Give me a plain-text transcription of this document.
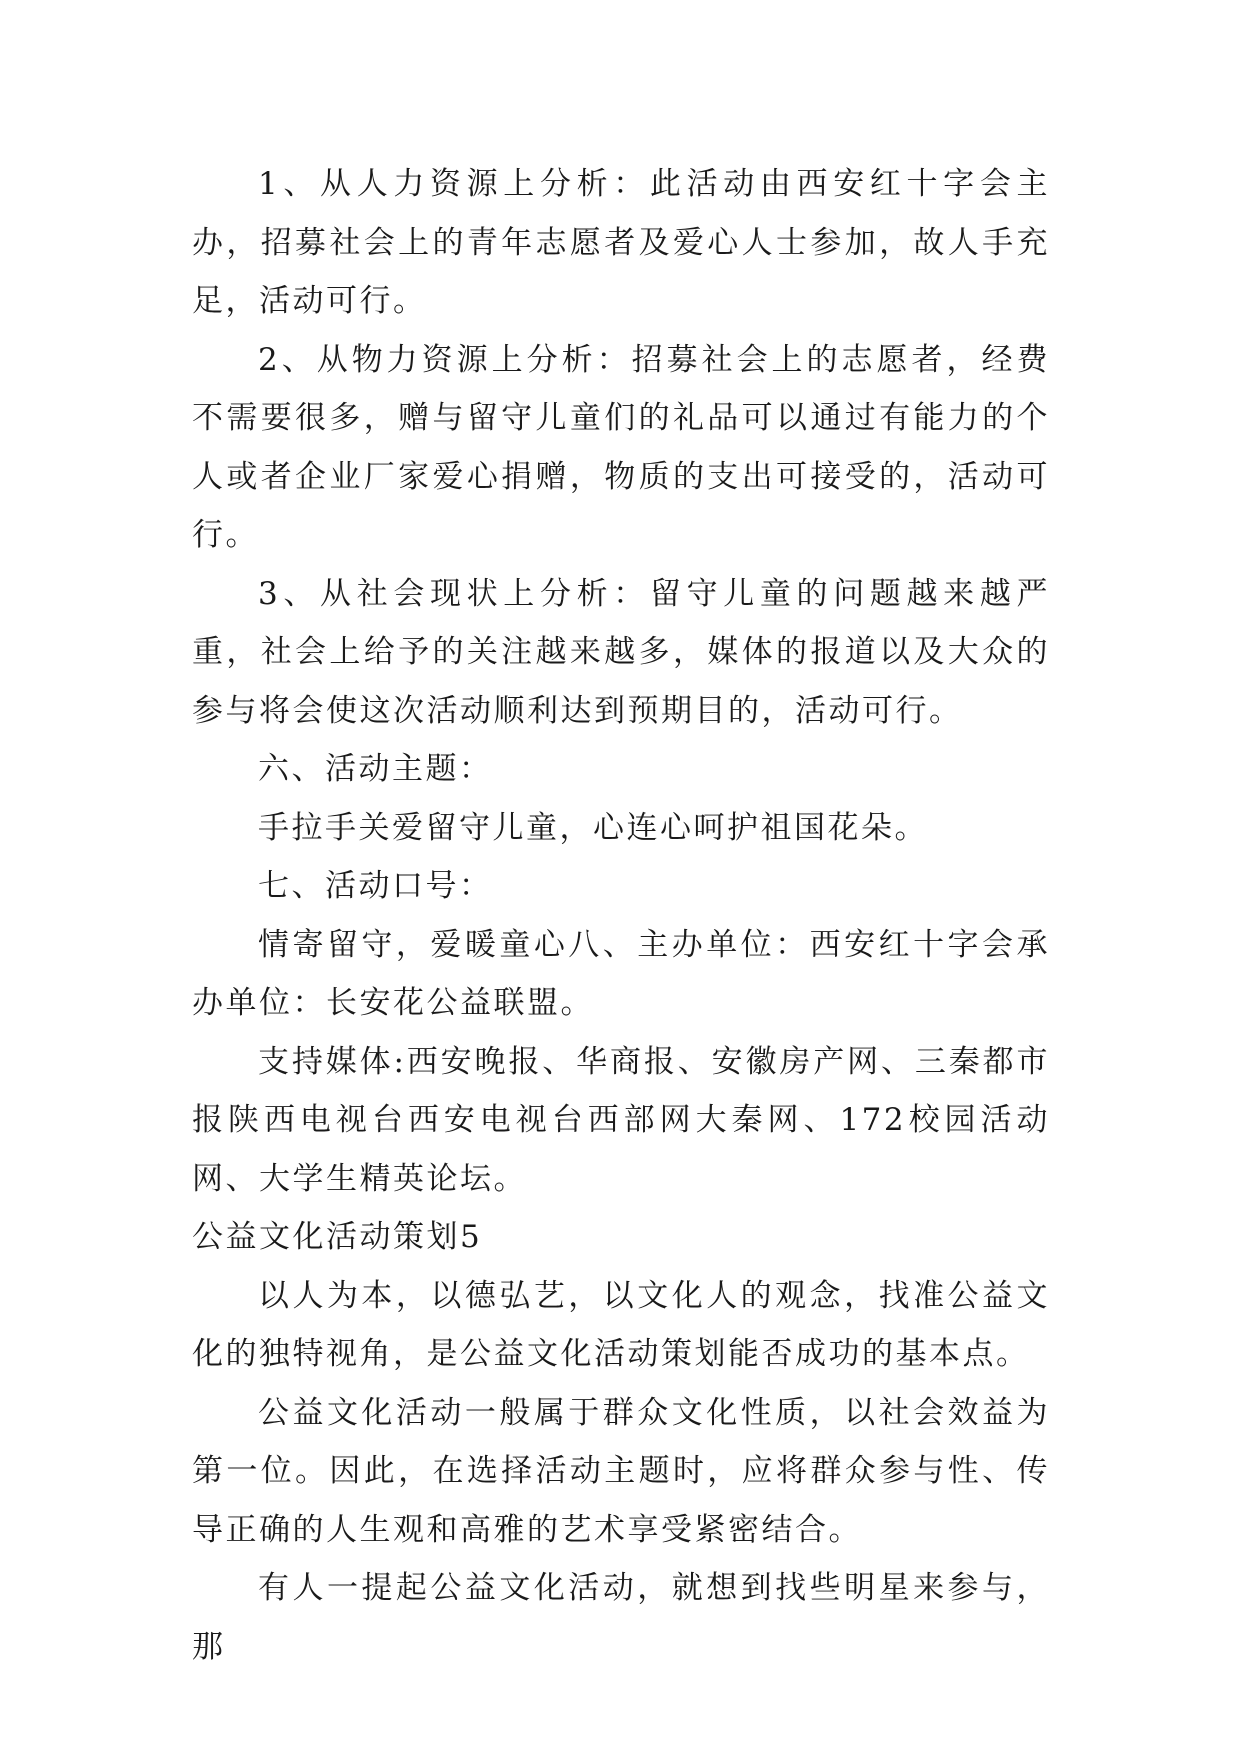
1、从人力资源上分析：此活动由西安红十字会主办，招募社会上的青年志愿者及爱心人士参加，故人手充足，活动可行。

2、从物力资源上分析：招募社会上的志愿者，经费不需要很多，赠与留守儿童们的礼品可以通过有能力的个人或者企业厂家爱心捐赠，物质的支出可接受的，活动可行。

3、从社会现状上分析：留守儿童的问题越来越严重，社会上给予的关注越来越多，媒体的报道以及大众的参与将会使这次活动顺利达到预期目的，活动可行。

六、活动主题：

手拉手关爱留守儿童，心连心呵护祖国花朵。

七、活动口号：

情寄留守，爱暖童心八、主办单位：西安红十字会承办单位：长安花公益联盟。

支持媒体:西安晚报、华商报、安徽房产网、三秦都市报陕西电视台西安电视台西部网大秦网、172校园活动网、大学生精英论坛。

公益文化活动策划5

以人为本，以德弘艺，以文化人的观念，找准公益文化的独特视角，是公益文化活动策划能否成功的基本点。

公益文化活动一般属于群众文化性质，以社会效益为第一位。因此，在选择活动主题时，应将群众参与性、传导正确的人生观和高雅的艺术享受紧密结合。

有人一提起公益文化活动，就想到找些明星来参与，那
